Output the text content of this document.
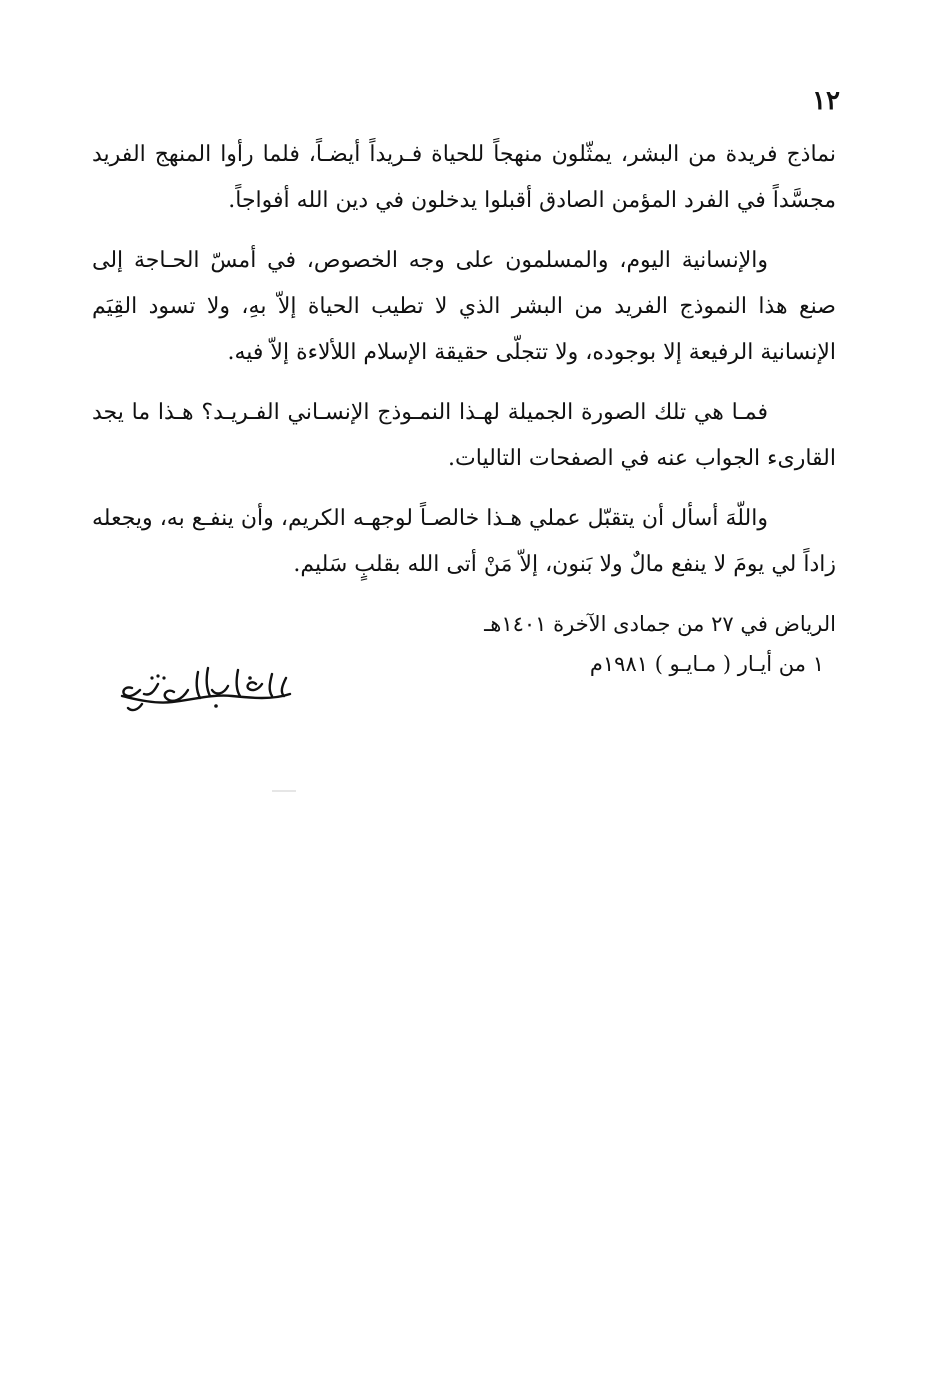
١٢

نماذج فريدة من البشر، يمثّلون منهجاً للحياة فـريداً أيضـاً، فلما رأوا المنهج الفريد مجسَّداً في الفرد المؤمن الصادق أقبلوا يدخلون في دين الله أفواجاً.

والإنسانية اليوم، والمسلمون على وجه الخصوص، في أمسّ الحـاجة إلى صنع هذا النموذج الفريد من البشر الذي لا تطيب الحياة إلاّ بهِ، ولا تسود القِيَم الإنسانية الرفيعة إلا بوجوده، ولا تتجلّى حقيقة الإسلام اللألاءة إلاّ فيه.

فمـا هي تلك الصورة الجميلة لهـذا النمـوذج الإنسـاني الفـريـد؟ هـذا ما يجد القارىء الجواب عنه في الصفحات التاليات.

واللّهَ أسأل أن يتقبّل عملي هـذا خالصـاً لوجهـه الكريم، وأن ينفـع به، ويجعله زاداً لي يومَ لا ينفع مالٌ ولا بَنون، إلاّ مَنْ أتى الله بقلبٍ سَليم.

الرياض في ٢٧ من جمادى الآخرة ١٤٠١هـ
١ من أيـار ( مـايـو ) ١٩٨١م
